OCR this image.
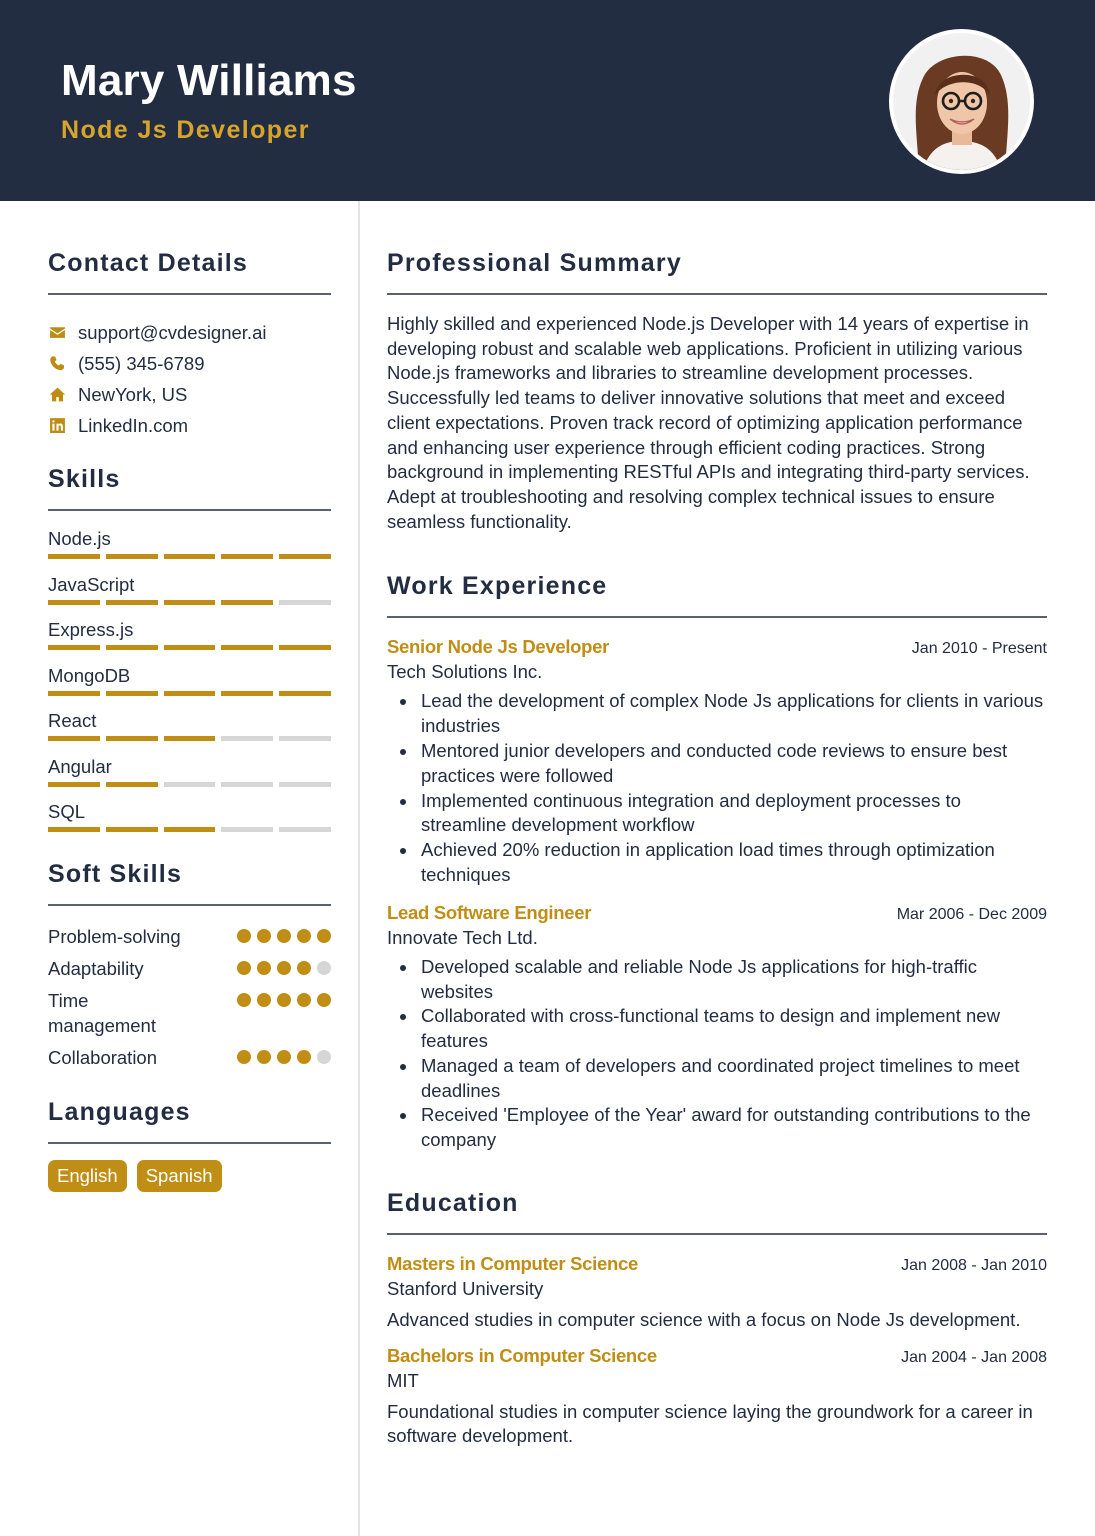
Mary Williams
Node Js Developer
Contact Details
support@cvdesigner.ai
(555) 345-6789
NewYork, US
LinkedIn.com
Skills
Node.js
JavaScript
Express.js
MongoDB
React
Angular
SQL
Soft Skills
Problem-solving
Adaptability
Time management
Collaboration
Languages
English	Spanish
Professional Summary
Highly skilled and experienced Node.js Developer with 14 years of expertise in developing robust and scalable web applications. Proficient in utilizing various Node.js frameworks and libraries to streamline development processes. Successfully led teams to deliver innovative solutions that meet and exceed client expectations. Proven track record of optimizing application performance and enhancing user experience through efficient coding practices. Strong background in implementing RESTful APIs and integrating third-party services. Adept at troubleshooting and resolving complex technical issues to ensure seamless functionality.
Work Experience
Senior Node Js Developer	Jan 2010 - Present
Tech Solutions Inc.
Lead the development of complex Node Js applications for clients in various industries
Mentored junior developers and conducted code reviews to ensure best practices were followed
Implemented continuous integration and deployment processes to streamline development workflow
Achieved 20% reduction in application load times through optimization techniques
Lead Software Engineer	Mar 2006 - Dec 2009
Innovate Tech Ltd.
Developed scalable and reliable Node Js applications for high-traffic websites
Collaborated with cross-functional teams to design and implement new features
Managed a team of developers and coordinated project timelines to meet deadlines
Received 'Employee of the Year' award for outstanding contributions to the company
Education
Masters in Computer Science	Jan 2008 - Jan 2010
Stanford University
Advanced studies in computer science with a focus on Node Js development.
Bachelors in Computer Science	Jan 2004 - Jan 2008
MIT
Foundational studies in computer science laying the groundwork for a career in software development.
